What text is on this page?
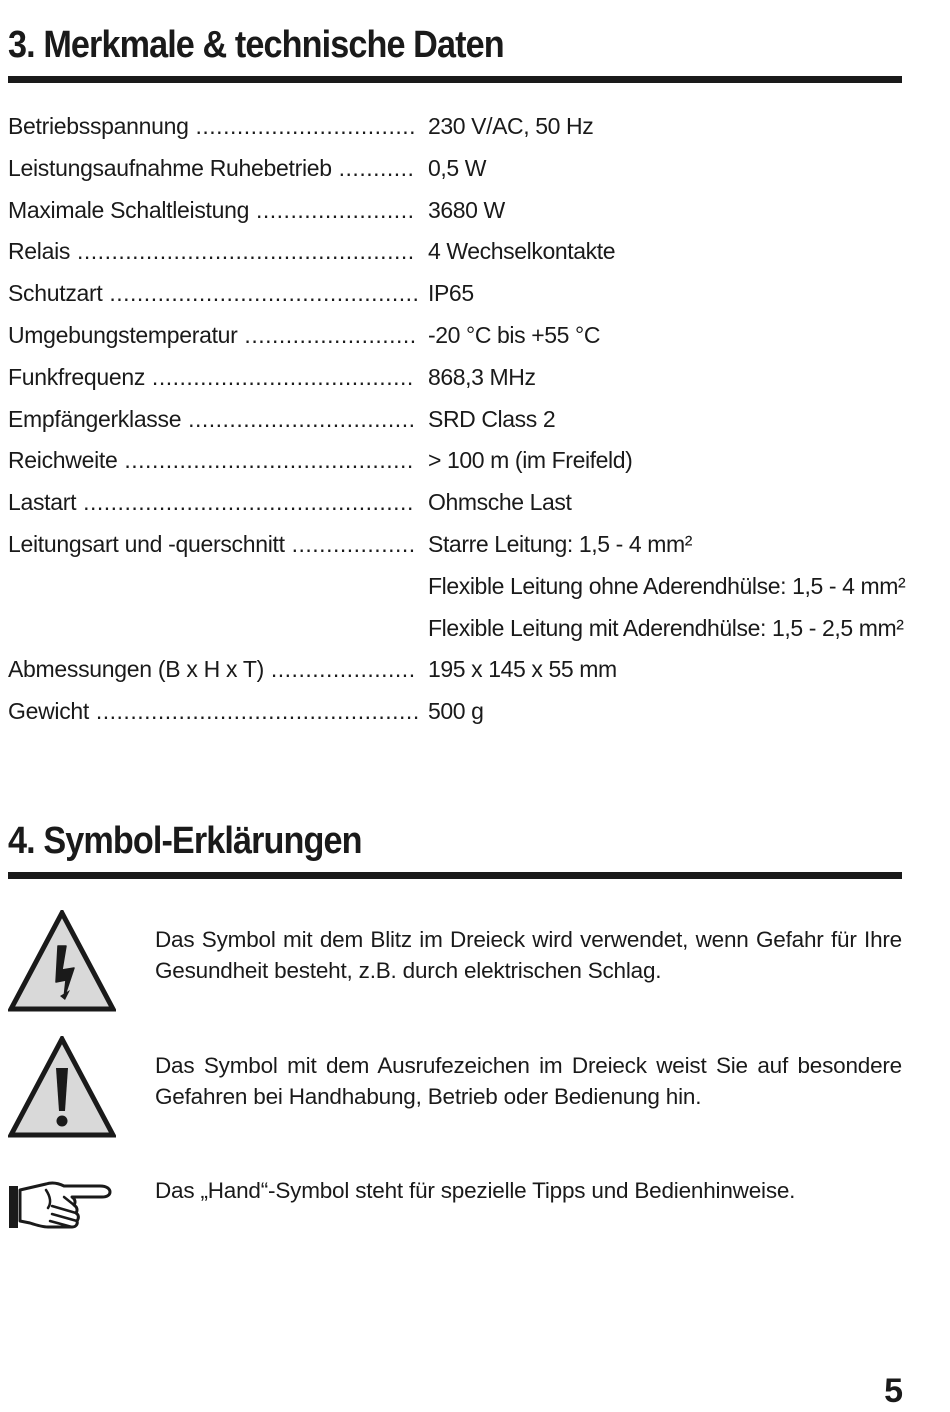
3. Merkmale & technische Daten
Betriebsspannung ................................ 230 V/AC, 50 Hz
Leistungsaufnahme Ruhebetrieb ........... 0,5 W
Maximale Schaltleistung ....................... 3680 W
Relais ................................................. 4 Wechselkontakte
Schutzart ............................................. IP65
Umgebungstemperatur ......................... -20 °C bis +55 °C
Funkfrequenz ...................................... 868,3 MHz
Empfängerklasse ................................. SRD Class 2
Reichweite .......................................... > 100 m (im Freifeld)
Lastart ................................................ Ohmsche Last
Leitungsart und -querschnitt .................. Starre Leitung: 1,5 - 4 mm²
Flexible Leitung ohne Aderendhülse: 1,5 - 4 mm²
Flexible Leitung mit Aderendhülse: 1,5 - 2,5 mm²
Abmessungen (B x H x T) ..................... 195 x 145 x 55 mm
Gewicht ............................................... 500 g
4. Symbol-Erklärungen
Das Symbol mit dem Blitz im Dreieck wird verwendet, wenn Gefahr für Ihre Gesundheit besteht, z.B. durch elektrischen Schlag.
Das Symbol mit dem Ausrufezeichen im Dreieck weist Sie auf besondere Gefahren bei Handhabung, Betrieb oder Bedienung hin.
Das „Hand“-Symbol steht für spezielle Tipps und Bedienhinweise.
5
